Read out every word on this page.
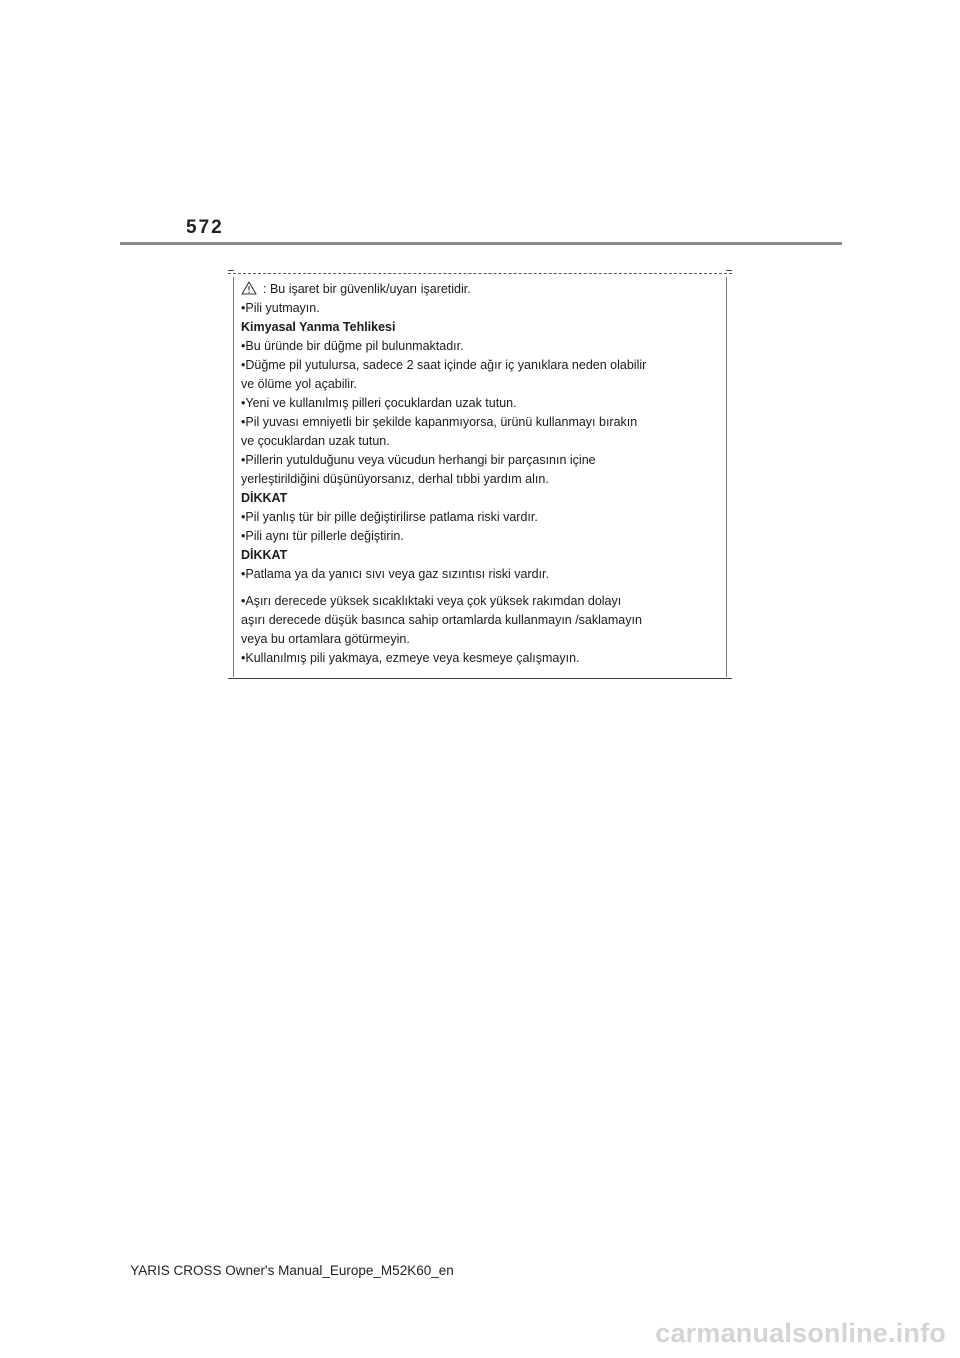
572
: Bu işaret bir güvenlik/uyarı işaretidir.
•Pili yutmayın.
Kimyasal Yanma Tehlikesi
•Bu üründe bir düğme pil bulunmaktadır.
•Düğme pil yutulursa, sadece 2 saat içinde ağır iç yanıklara neden olabilir
ve ölüme yol açabilir.
•Yeni ve kullanılmış pilleri çocuklardan uzak tutun.
•Pil yuvası emniyetli bir şekilde kapanmıyorsa, ürünü kullanmayı bırakın
ve çocuklardan uzak tutun.
•Pillerin yutulduğunu veya vücudun herhangi bir parçasının içine
yerleştirildiğini düşünüyorsanız, derhal tıbbi yardım alın.
DİKKAT
•Pil yanlış tür bir pille değiştirilirse patlama riski vardır.
•Pili aynı tür pillerle değiştirin.
DİKKAT
•Patlama ya da yanıcı sıvı veya gaz sızıntısı riski vardır.
•Aşırı derecede yüksek sıcaklıktaki veya çok yüksek rakımdan dolayı
aşırı derecede düşük basınca sahip ortamlarda kullanmayın /saklamayın
veya bu ortamlara götürmeyin.
•Kullanılmış pili yakmaya, ezmeye veya kesmeye çalışmayın.
YARIS CROSS Owner's Manual_Europe_M52K60_en
carmanualsonline.info
